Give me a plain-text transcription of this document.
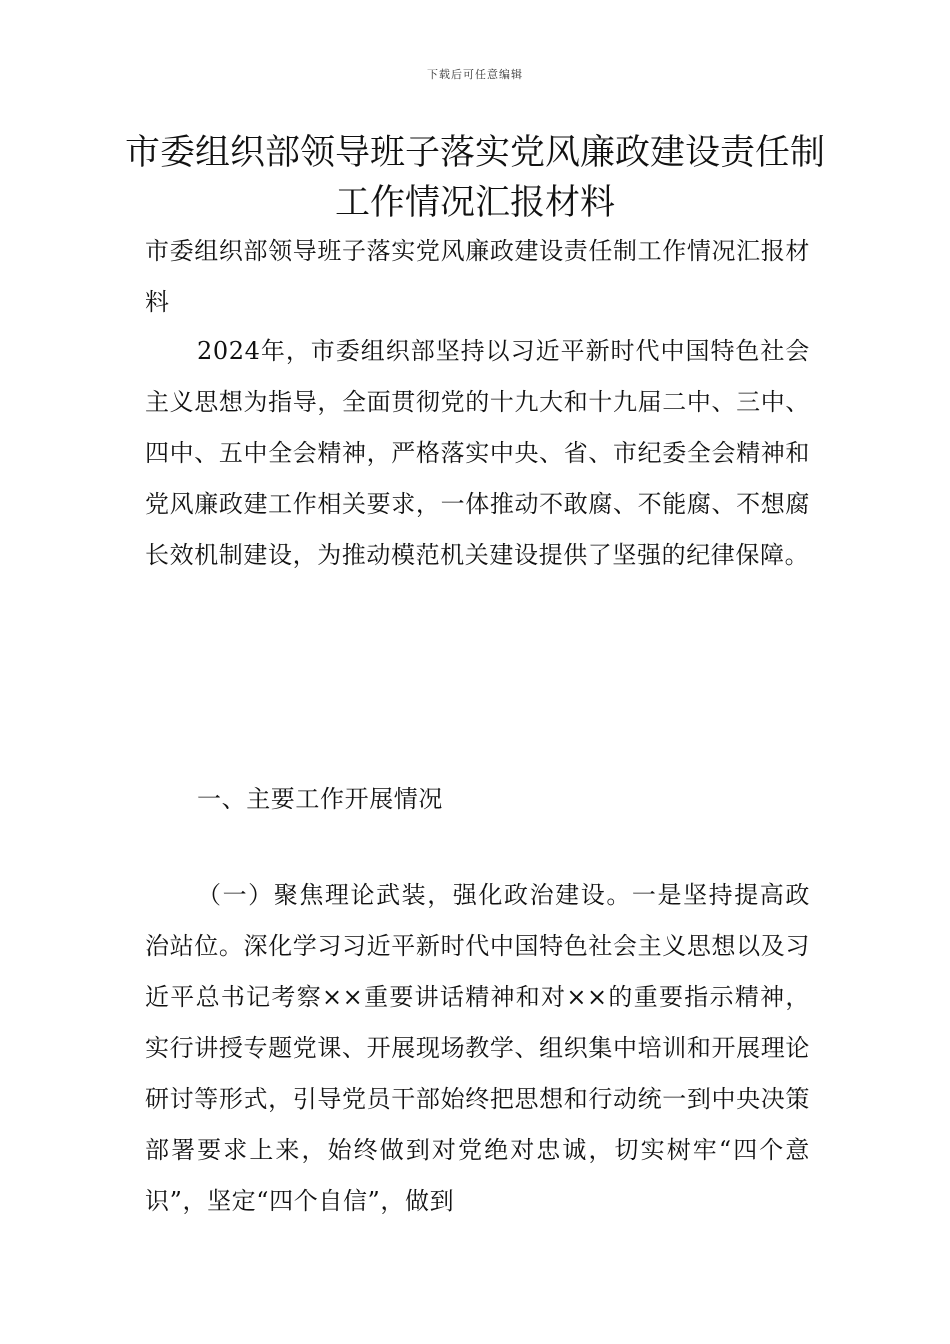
下载后可任意编辑
市委组织部领导班子落实党风廉政建设责任制工作情况汇报材料

市委组织部领导班子落实党风廉政建设责任制工作情况汇报材料

2024年，市委组织部坚持以习近平新时代中国特色社会主义思想为指导，全面贯彻党的十九大和十九届二中、三中、四中、五中全会精神，严格落实中央、省、市纪委全会精神和党风廉政建工作相关要求，一体推动不敢腐、不能腐、不想腐长效机制建设，为推动模范机关建设提供了坚强的纪律保障。

一、主要工作开展情况

（一）聚焦理论武装，强化政治建设。一是坚持提高政治站位。深化学习习近平新时代中国特色社会主义思想以及习近平总书记考察××重要讲话精神和对××的重要指示精神，实行讲授专题党课、开展现场教学、组织集中培训和开展理论研讨等形式，引导党员干部始终把思想和行动统一到中央决策部署要求上来，始终做到对党绝对忠诚，切实树牢“四个意识”，坚定“四个自信”，做到
